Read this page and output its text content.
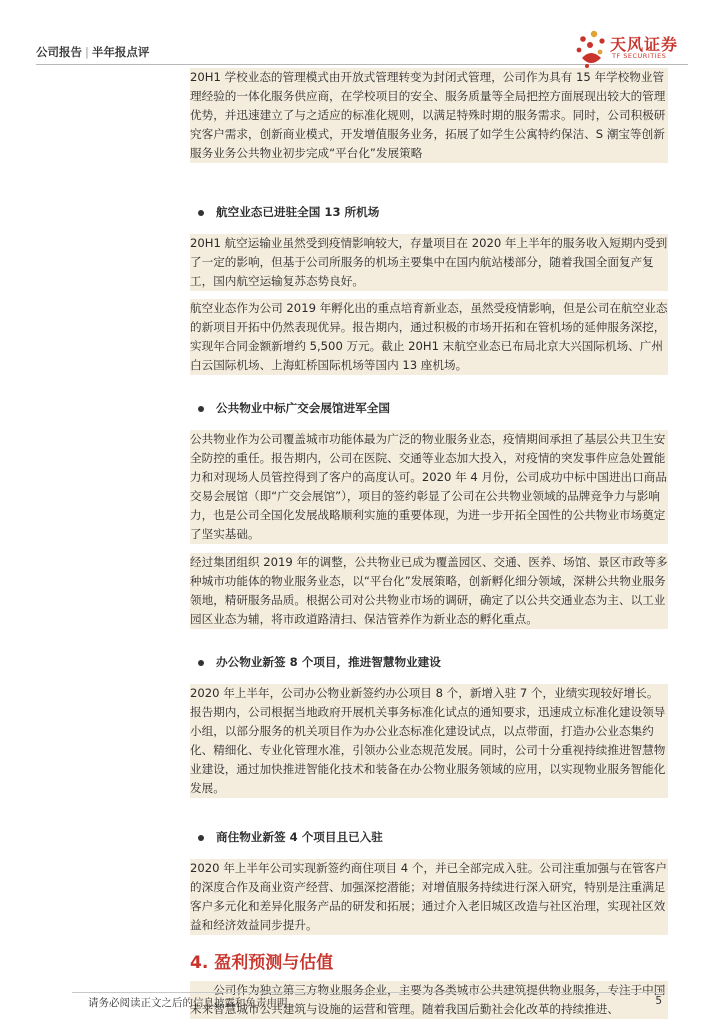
公司报告 | 半年报点评	天风证券
TF SECURITIES

20H1 学校业态的管理模式由开放式管理转变为封闭式管理，公司作为具有 15 年学校物业管理经验的一体化服务供应商，在学校项目的安全、服务质量等全局把控方面展现出较大的管理优势，并迅速建立了与之适应的标准化规则，以满足特殊时期的服务需求。同时，公司积极研究客户需求，创新商业模式，开发增值服务业务，拓展了如学生公寓特约保洁、S 潮宝等创新服务业务公共物业初步完成“平台化”发展策略

航空业态已进驻全国 13 所机场

20H1 航空运输业虽然受到疫情影响较大，存量项目在 2020 年上半年的服务收入短期内受到了一定的影响，但基于公司所服务的机场主要集中在国内航站楼部分，随着我国全面复产复工，国内航空运输复苏态势良好。

航空业态作为公司 2019 年孵化出的重点培育新业态，虽然受疫情影响，但是公司在航空业态的新项目开拓中仍然表现优异。报告期内，通过积极的市场开拓和在管机场的延伸服务深挖，实现年合同金额新增约 5,500 万元。截止 20H1 末航空业态已布局北京大兴国际机场、广州白云国际机场、上海虹桥国际机场等国内 13 座机场。

公共物业中标广交会展馆进军全国

公共物业作为公司覆盖城市功能体最为广泛的物业服务业态，疫情期间承担了基层公共卫生安全防控的重任。报告期内，公司在医院、交通等业态加大投入，对疫情的突发事件应急处置能力和对现场人员管控得到了客户的高度认可。2020 年 4 月份，公司成功中标中国进出口商品交易会展馆（即“广交会展馆”），项目的签约彰显了公司在公共物业领域的品牌竞争力与影响力，也是公司全国化发展战略顺利实施的重要体现，为进一步开拓全国性的公共物业市场奠定了坚实基础。

经过集团组织 2019 年的调整，公共物业已成为覆盖园区、交通、医养、场馆、景区市政等多种城市功能体的物业服务业态，以“平台化”发展策略，创新孵化细分领域，深耕公共物业服务领地，精研服务品质。根据公司对公共物业市场的调研，确定了以公共交通业态为主、以工业园区业态为辅，将市政道路清扫、保洁管养作为新业态的孵化重点。

办公物业新签 8 个项目，推进智慧物业建设

2020 年上半年，公司办公物业新签约办公项目 8 个，新增入驻 7 个，业绩实现较好增长。报告期内，公司根据当地政府开展机关事务标准化试点的通知要求，迅速成立标准化建设领导小组，以部分服务的机关项目作为办公业态标准化建设试点，以点带面，打造办公业态集约化、精细化、专业化管理水准，引领办公业态规范发展。同时，公司十分重视持续推进智慧物业建设，通过加快推进智能化技术和装备在办公物业服务领域的应用，以实现物业服务智能化发展。

商住物业新签 4 个项目且已入驻

2020 年上半年公司实现新签约商住项目 4 个，并已全部完成入驻。公司注重加强与在管客户的深度合作及商业资产经营、加强深挖潜能；对增值服务持续进行深入研究，特别是注重满足客户多元化和差异化服务产品的研发和拓展；通过介入老旧城区改造与社区治理，实现社区效益和经济效益同步提升。

4. 盈利预测与估值

公司作为独立第三方物业服务企业，主要为各类城市公共建筑提供物业服务，专注于中国未来智慧城市公共建筑与设施的运营和管理。随着我国后勤社会化改革的持续推进、

请务必阅读正文之后的信息披露和免责申明	5
